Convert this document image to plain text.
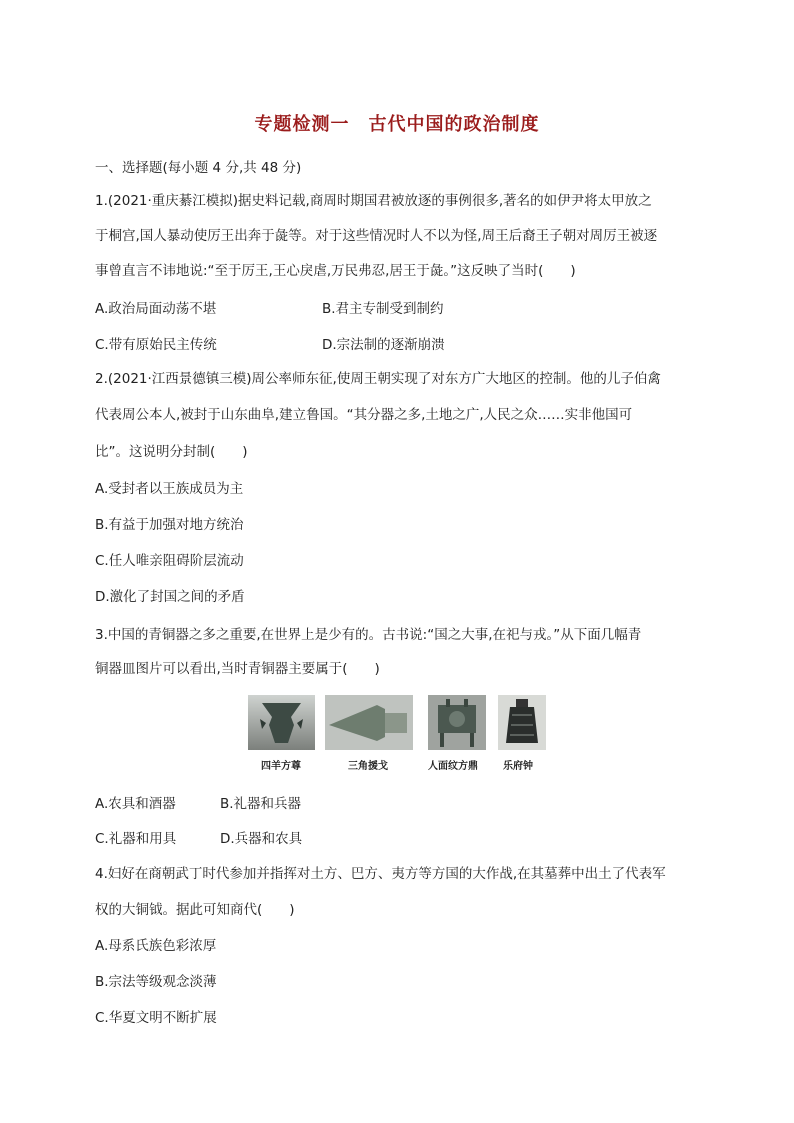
专题检测一　古代中国的政治制度
一、选择题(每小题 4 分,共 48 分)
1.(2021·重庆綦江模拟)据史料记载,商周时期国君被放逐的事例很多,著名的如伊尹将太甲放之
于桐宫,国人暴动使厉王出奔于彘等。对于这些情况时人不以为怪,周王后裔王子朝对周厉王被逐
事曾直言不讳地说:“至于厉王,王心戾虐,万民弗忍,居王于彘。”这反映了当时(　　)
A.政治局面动荡不堪	B.君主专制受到制约
C.带有原始民主传统	D.宗法制的逐渐崩溃
2.(2021·江西景德镇三模)周公率师东征,使周王朝实现了对东方广大地区的控制。他的儿子伯禽
代表周公本人,被封于山东曲阜,建立鲁国。“其分器之多,土地之广,人民之众……实非他国可
比”。这说明分封制(　　)
A.受封者以王族成员为主
B.有益于加强对地方统治
C.任人唯亲阻碍阶层流动
D.激化了封国之间的矛盾
3.中国的青铜器之多之重要,在世界上是少有的。古书说:“国之大事,在祀与戎。”从下面几幅青
铜器皿图片可以看出,当时青铜器主要属于(　　)
四羊方尊	三角援戈	人面纹方鼎	乐府钟
A.农具和酒器	B.礼器和兵器
C.礼器和用具	D.兵器和农具
4.妇好在商朝武丁时代参加并指挥对土方、巴方、夷方等方国的大作战,在其墓葬中出土了代表军
权的大铜钺。据此可知商代(　　)
A.母系氏族色彩浓厚
B.宗法等级观念淡薄
C.华夏文明不断扩展
